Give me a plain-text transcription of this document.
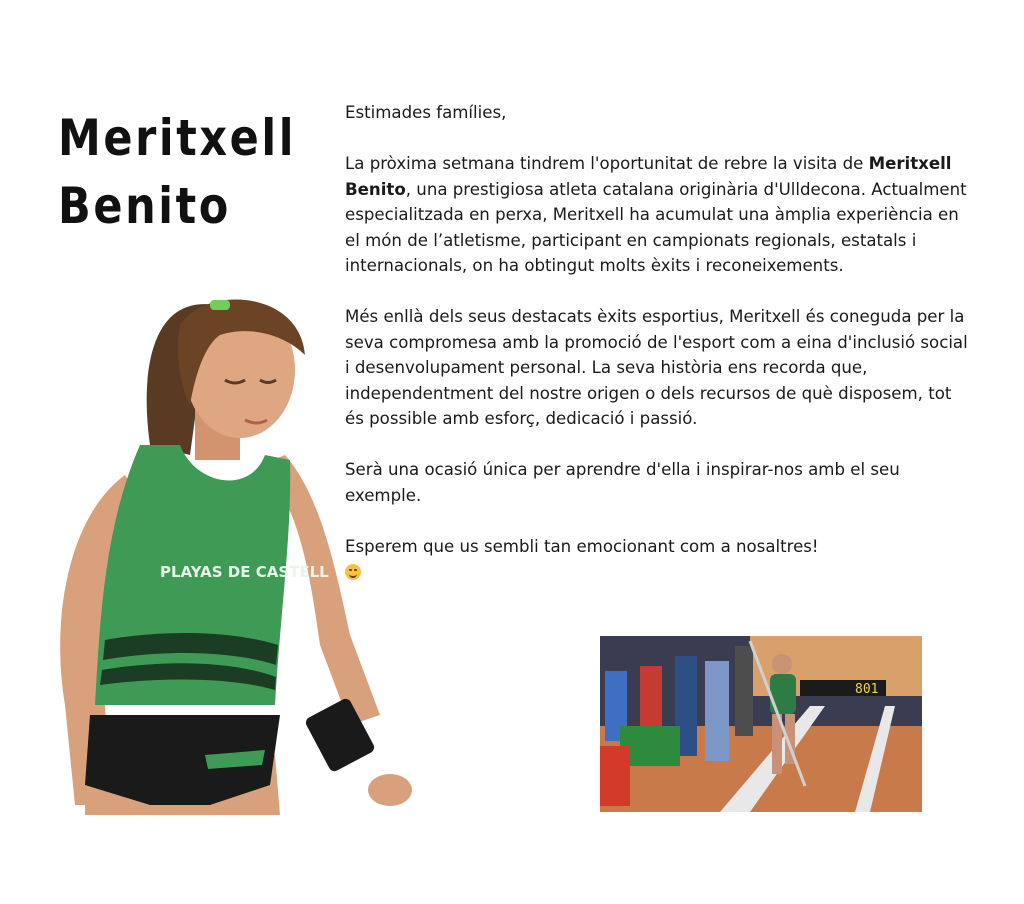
Meritxell
Benito

Estimades famílies,

La pròxima setmana tindrem l'oportunitat de rebre la visita de Meritxell Benito, una prestigiosa atleta catalana originària d'Ulldecona. Actualment especialitzada en perxa, Meritxell ha acumulat una àmplia experiència en el món de l’atletisme, participant en campionats regionals, estatals i internacionals, on ha obtingut molts èxits i reconeixements.

Més enllà dels seus destacats èxits esportius, Meritxell és coneguda per la seva compromesa amb la promoció de l'esport com a eina d'inclusió social i desenvolupament personal. La seva història ens recorda que, independentment del nostre origen o dels recursos de què disposem, tot és possible amb esforç, dedicació i passió.

Serà una ocasió única per aprendre d'ella i inspirar-nos amb el seu exemple.

Esperem que us sembli tan emocionant com a nosaltres!

PLAYAS DE CASTELL
801
